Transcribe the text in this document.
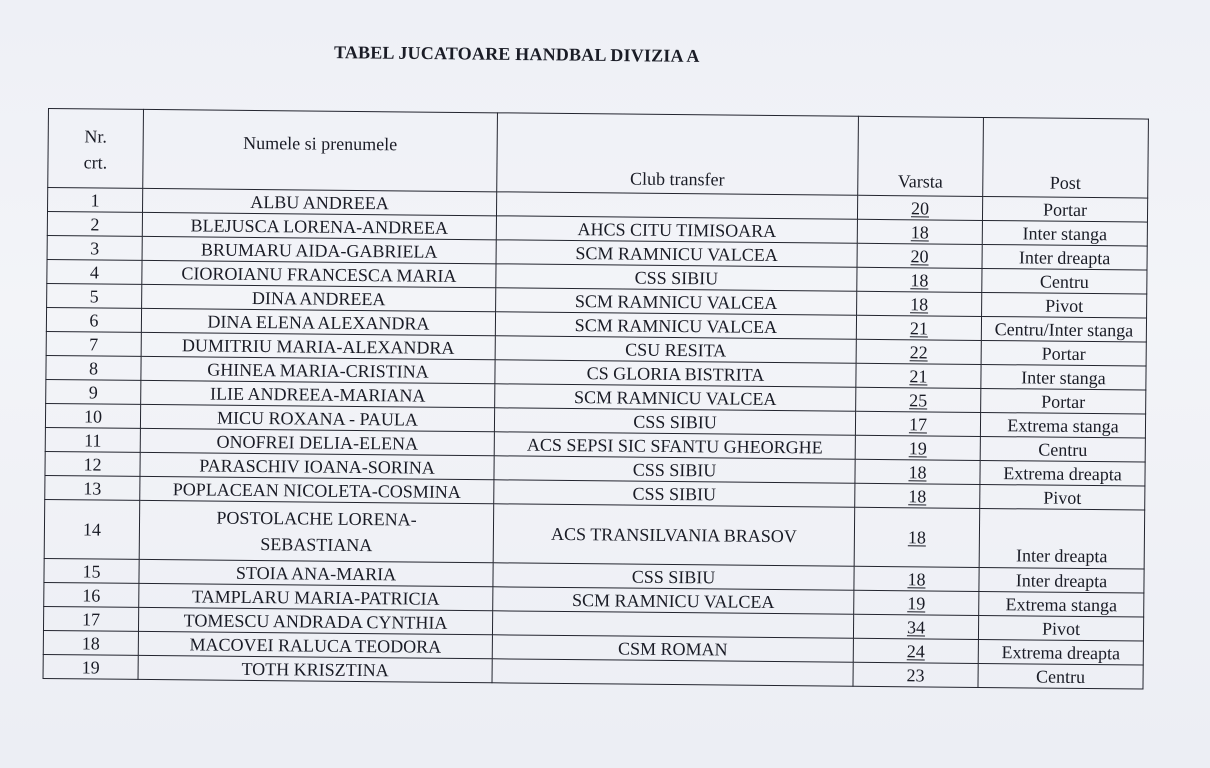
TABEL JUCATOARE HANDBAL DIVIZIA A
Nr.
crt.	Numele si prenumele	Club transfer	Varsta	Post
1	ALBU ANDREEA		20	Portar
2	BLEJUSCA LORENA-ANDREEA	AHCS CITU TIMISOARA	18	Inter stanga
3	BRUMARU AIDA-GABRIELA	SCM RAMNICU VALCEA	20	Inter dreapta
4	CIOROIANU FRANCESCA MARIA	CSS SIBIU	18	Centru
5	DINA ANDREEA	SCM RAMNICU VALCEA	18	Pivot
6	DINA ELENA ALEXANDRA	SCM RAMNICU VALCEA	21	Centru/Inter stanga
7	DUMITRIU MARIA-ALEXANDRA	CSU RESITA	22	Portar
8	GHINEA MARIA-CRISTINA	CS GLORIA BISTRITA	21	Inter stanga
9	ILIE ANDREEA-MARIANA	SCM RAMNICU VALCEA	25	Portar
10	MICU ROXANA - PAULA	CSS SIBIU	17	Extrema stanga
11	ONOFREI DELIA-ELENA	ACS SEPSI SIC SFANTU GHEORGHE	19	Centru
12	PARASCHIV IOANA-SORINA	CSS SIBIU	18	Extrema dreapta
13	POPLACEAN NICOLETA-COSMINA	CSS SIBIU	18	Pivot
14	POSTOLACHE LORENA-
SEBASTIANA	ACS TRANSILVANIA BRASOV	18	Inter dreapta
15	STOIA ANA-MARIA	CSS SIBIU	18	Inter dreapta
16	TAMPLARU MARIA-PATRICIA	SCM RAMNICU VALCEA	19	Extrema stanga
17	TOMESCU ANDRADA CYNTHIA		34	Pivot
18	MACOVEI RALUCA TEODORA	CSM ROMAN	24	Extrema dreapta
19	TOTH KRISZTINA		23	Centru
